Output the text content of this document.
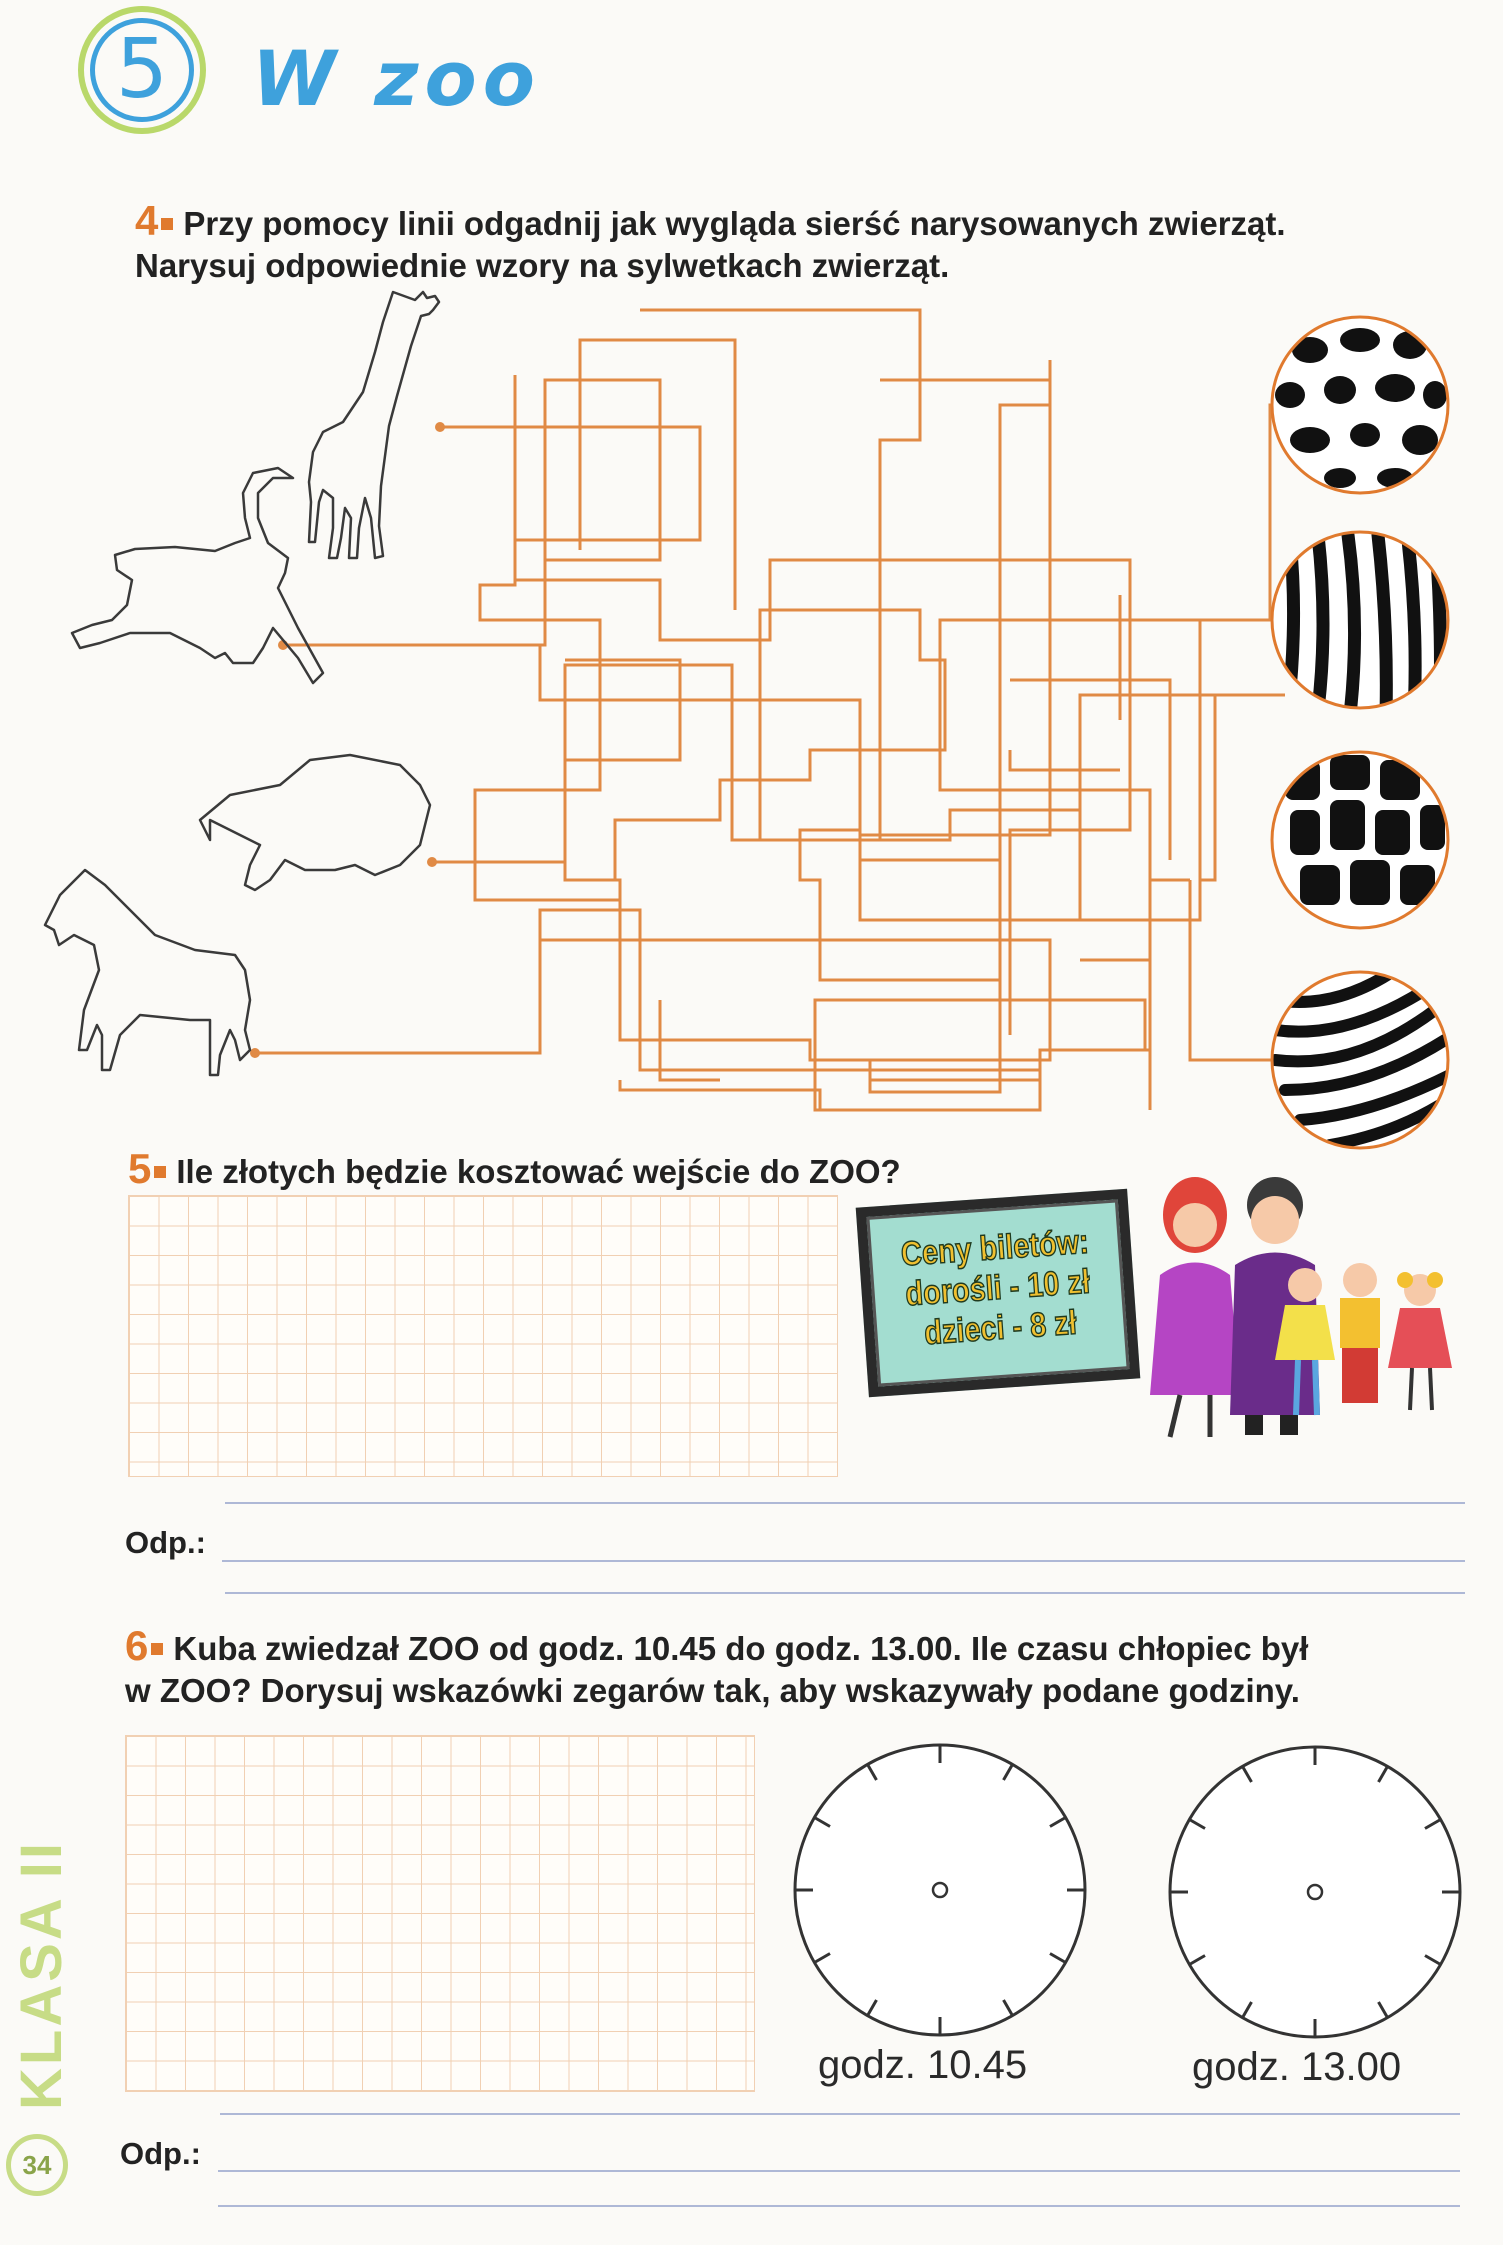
5	W zoo
4 Przy pomocy linii odgadnij jak wygląda sierść narysowanych zwierząt.
Narysuj odpowiednie wzory na sylwetkach zwierząt.
5 Ile złotych będzie kosztować wejście do ZOO?
Ceny biletów:
dorośli - 10 zł
dzieci - 8 zł
Odp.:
6 Kuba zwiedzał ZOO od godz. 10.45 do godz. 13.00. Ile czasu chłopiec był
w ZOO? Dorysuj wskazówki zegarów tak, aby wskazywały podane godziny.
godz. 10.45	godz. 13.00
Odp.:
KLASA II
34
